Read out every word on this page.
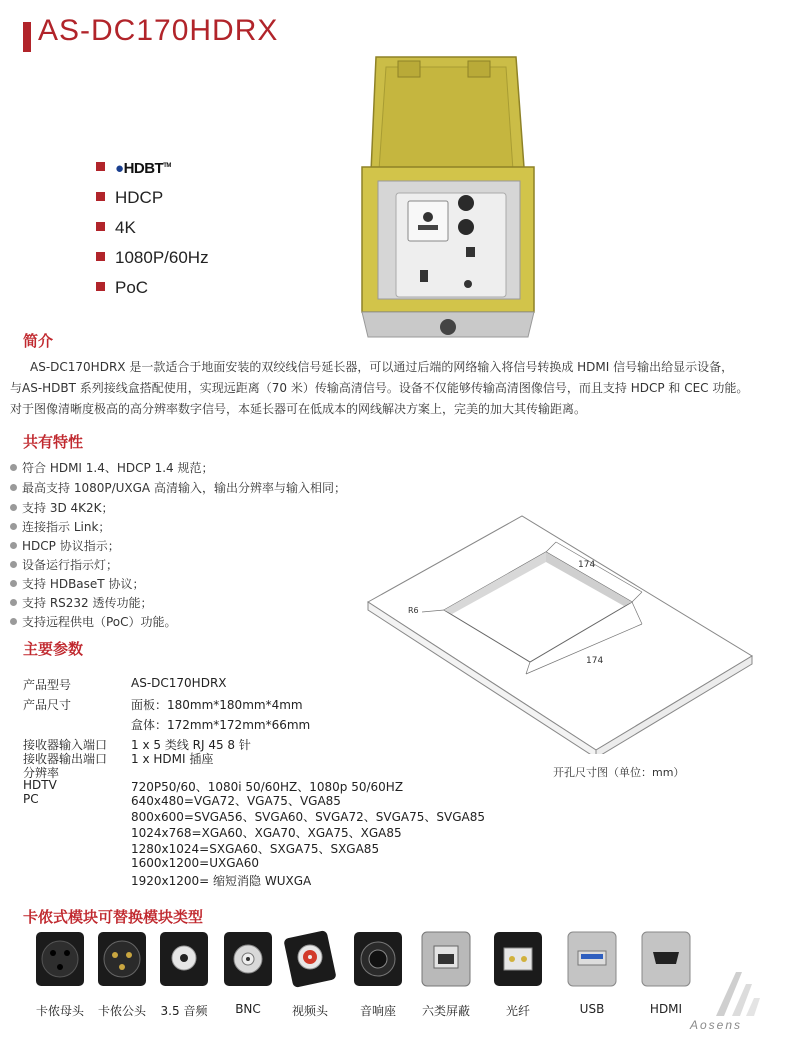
AS-DC170HDRX
●HDBT™
HDCP
4K
1080P/60Hz
PoC
简介
AS-DC170HDRX 是一款适合于地面安装的双绞线信号延长器，可以通过后端的网络输入将信号转换成 HDMI 信号输出给显示设备，
与AS-HDBT 系列接线盒搭配使用，实现远距离（70 米）传输高清信号。设备不仅能够传输高清图像信号，而且支持 HDCP 和 CEC 功能。
对于图像清晰度极高的高分辨率数字信号，本延长器可在低成本的网线解决方案上，完美的加大其传输距离。
共有特性
符合 HDMI 1.4、HDCP 1.4 规范；
最高支持 1080P/UXGA 高清输入，输出分辨率与输入相同；
支持 3D 4K2K；
连接指示 Link；
HDCP 协议指示；
设备运行指示灯；
支持 HDBaseT 协议；
支持 RS232 透传功能；
支持远程供电（PoC）功能。
174
174
R6
开孔尺寸图（单位：mm）
主要参数
产品型号	AS-DC170HDRX
产品尺寸	面板：180mm*180mm*4mm
盒体：172mm*172mm*66mm
接收器输入端口 1 x 5 类线 RJ 45 8 针
接收器输出端口 1 x HDMI 插座
分辨率
HDTV	720P50/60、1080i 50/60HZ、1080p 50/60HZ
PC	640x480=VGA72、VGA75、VGA85
800x600=SVGA56、SVGA60、SVGA72、SVGA75、SVGA85
1024x768=XGA60、XGA70、XGA75、XGA85
1280x1024=SXGA60、SXGA75、SXGA85
1600x1200=UXGA60
1920x1200= 缩短消隐 WUXGA
卡侬式模块可替换模块类型
卡侬母头	卡侬公头	3.5 音频	BNC	视频头	音响座	六类屏蔽	光纤	USB	HDMI
Aosens
